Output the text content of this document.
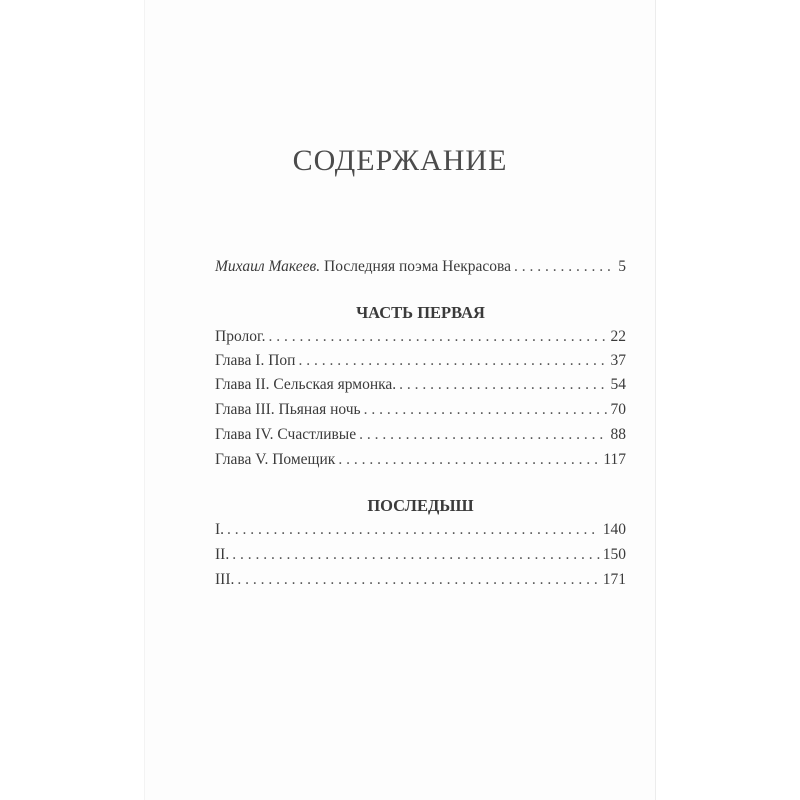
СОДЕРЖАНИЕ
Михаил Макеев. Последняя поэма Некрасова . . .	5
ЧАСТЬ ПЕРВАЯ
Пролог. . . .	22
Глава I. Поп . . .	37
Глава II. Сельская ярмонка. . . .	54
Глава III. Пьяная ночь . . .	70
Глава IV. Счастливые . . .	88
Глава V. Помещик . . .	117
ПОСЛЕДЫШ
I. . . .	140
II. . . .	150
III. . . .	171
